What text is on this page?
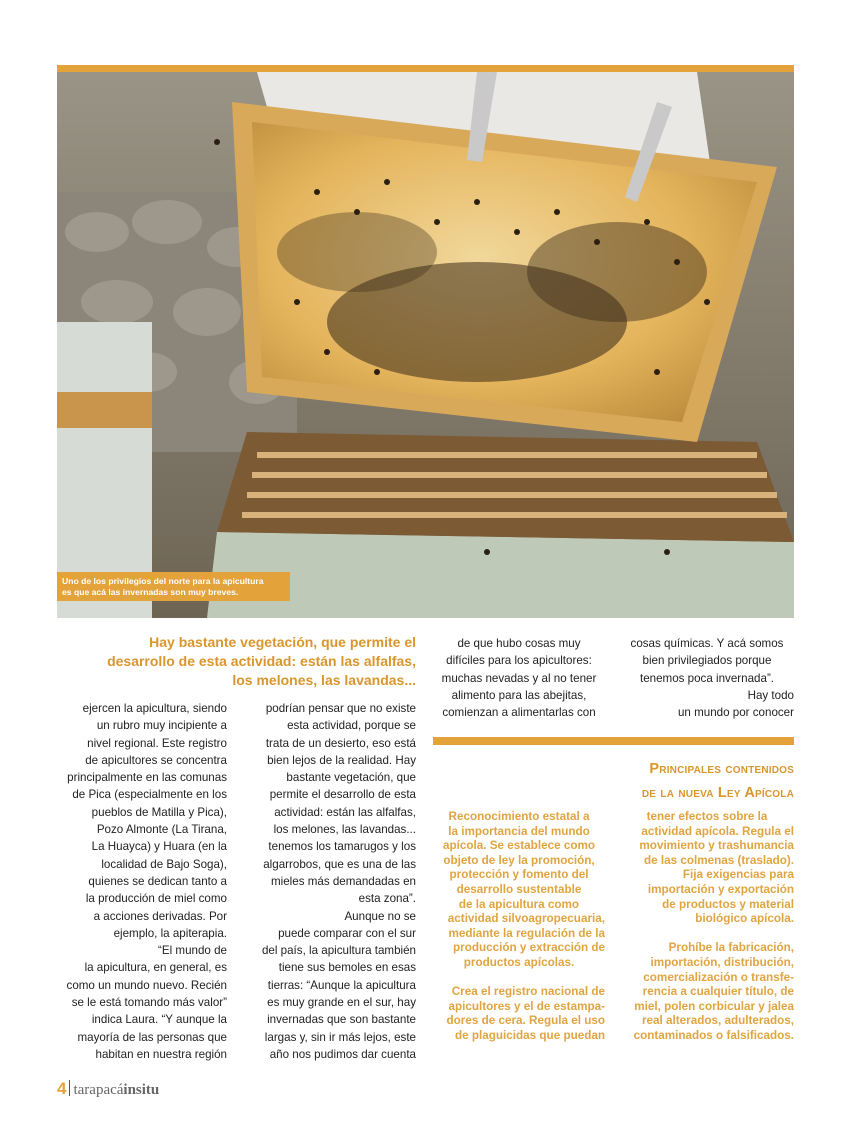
Uno de los privilegios del norte para la apicultura
es que acá las invernadas son muy breves.
Hay bastante vegetación, que permite el
desarrollo de esta actividad: están las alfalfas,
los melones, las lavandas...
ejercen la apicultura, siendo
un rubro muy incipiente a
nivel regional. Este registro
de apicultores se concentra
principalmente en las comunas
de Pica (especialmente en los
pueblos de Matilla y Pica),
Pozo Almonte (La Tirana,
La Huayca) y Huara (en la
localidad de Bajo Soga),
quienes se dedican tanto a
la producción de miel como
a acciones derivadas. Por
ejemplo, la apiterapia.
“El mundo de
la apicultura, en general, es
como un mundo nuevo. Recién
se le está tomando más valor”
indica Laura. “Y aunque la
mayoría de las personas que
habitan en nuestra región
podrían pensar que no existe
esta actividad, porque se
trata de un desierto, eso está
bien lejos de la realidad. Hay
bastante vegetación, que
permite el desarrollo de esta
actividad: están las alfalfas,
los melones, las lavandas...
tenemos los tamarugos y los
algarrobos, que es una de las
mieles más demandadas en
esta zona”.
Aunque no se
puede comparar con el sur
del país, la apicultura también
tiene sus bemoles en esas
tierras: “Aunque la apicultura
es muy grande en el sur, hay
invernadas que son bastante
largas y, sin ir más lejos, este
año nos pudimos dar cuenta
de que hubo cosas muy
difíciles para los apicultores:
muchas nevadas y al no tener
alimento para las abejitas,
comienzan a alimentarlas con
cosas químicas. Y acá somos
bien privilegiados porque
tenemos poca invernada”.
Hay todo
un mundo por conocer
Principales contenidos
de la nueva Ley Apícola
Reconocimiento estatal a
la importancia del mundo
apícola. Se establece como
objeto de ley la promoción,
protección y fomento del
desarrollo sustentable
de la apicultura como
actividad silvoagropecuaria,
mediante la regulación de la
producción y extracción de
productos apícolas.
Crea el registro nacional de
apicultores y el de estampa-
dores de cera. Regula el uso
de plaguicidas que puedan
tener efectos sobre la
actividad apícola. Regula el
movimiento y trashumancia
de las colmenas (traslado).
Fija exigencias para
importación y exportación
de productos y material
biológico apícola.
Prohíbe la fabricación,
importación, distribución,
comercialización o transfe-
rencia a cualquier título, de
miel, polen corbicular y jalea
real alterados, adulterados,
contaminados o falsificados.
4 tarapacáinsitu
